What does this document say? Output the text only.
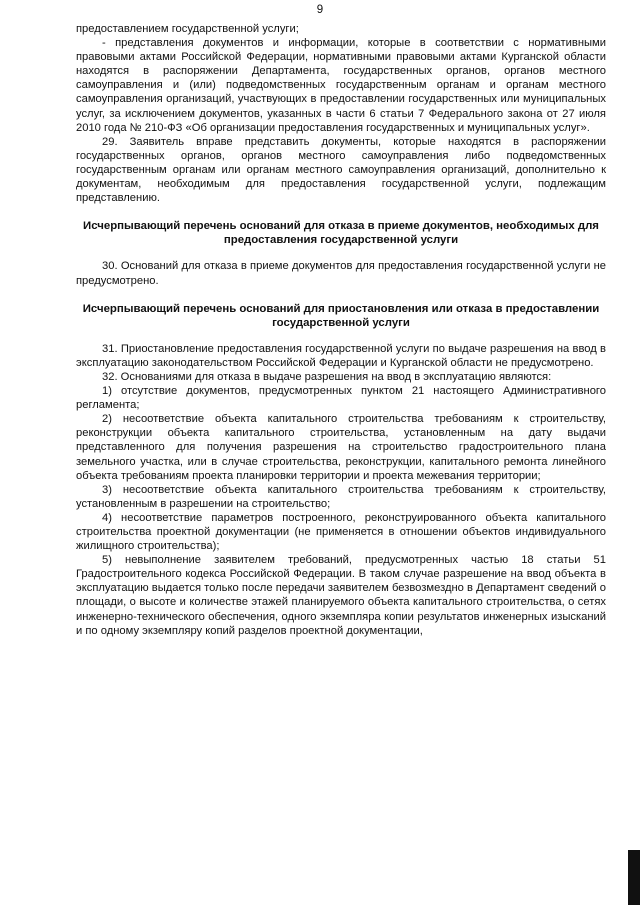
9

предоставлением государственной услуги;

- представления документов и информации, которые в соответствии с нормативными правовыми актами Российской Федерации, нормативными правовыми актами Курганской области находятся в распоряжении Департамента, государственных органов, органов местного самоуправления и (или) подведомственных государственным органам и органам местного самоуправления организаций, участвующих в предоставлении государственных или муниципальных услуг, за исключением документов, указанных в части 6 статьи 7 Федерального закона от 27 июля 2010 года № 210-ФЗ «Об организации предоставления государственных и муниципальных услуг».

29. Заявитель вправе представить документы, которые находятся в распоряжении государственных органов, органов местного самоуправления либо подведомственных государственным органам или органам местного самоуправления организаций, дополнительно к документам, необходимым для предоставления государственной услуги, подлежащим представлению.

Исчерпывающий перечень оснований для отказа в приеме документов, необходимых для предоставления государственной услуги

30. Оснований для отказа в приеме документов для предоставления государственной услуги не предусмотрено.

Исчерпывающий перечень оснований для приостановления или отказа в предоставлении государственной услуги

31. Приостановление предоставления государственной услуги по выдаче разрешения на ввод в эксплуатацию законодательством Российской Федерации и Курганской области не предусмотрено.

32. Основаниями для отказа в выдаче разрешения на ввод в эксплуатацию являются:

1) отсутствие документов, предусмотренных пунктом 21 настоящего Административного регламента;

2) несоответствие объекта капитального строительства требованиям к строительству, реконструкции объекта капитального строительства, установленным на дату выдачи представленного для получения разрешения на строительство градостроительного плана земельного участка, или в случае строительства, реконструкции, капитального ремонта линейного объекта требованиям проекта планировки территории и проекта межевания территории;

3) несоответствие объекта капитального строительства требованиям к строительству, установленным в разрешении на строительство;

4) несоответствие параметров построенного, реконструированного объекта капитального строительства проектной документации (не применяется в отношении объектов индивидуального жилищного строительства);

5) невыполнение заявителем требований, предусмотренных частью 18 статьи 51 Градостроительного кодекса Российской Федерации. В таком случае разрешение на ввод объекта в эксплуатацию выдается только после передачи заявителем безвозмездно в Департамент сведений о площади, о высоте и количестве этажей планируемого объекта капитального строительства, о сетях инженерно-технического обеспечения, одного экземпляра копии результатов инженерных изысканий и по одному экземпляру копий разделов проектной документации,
